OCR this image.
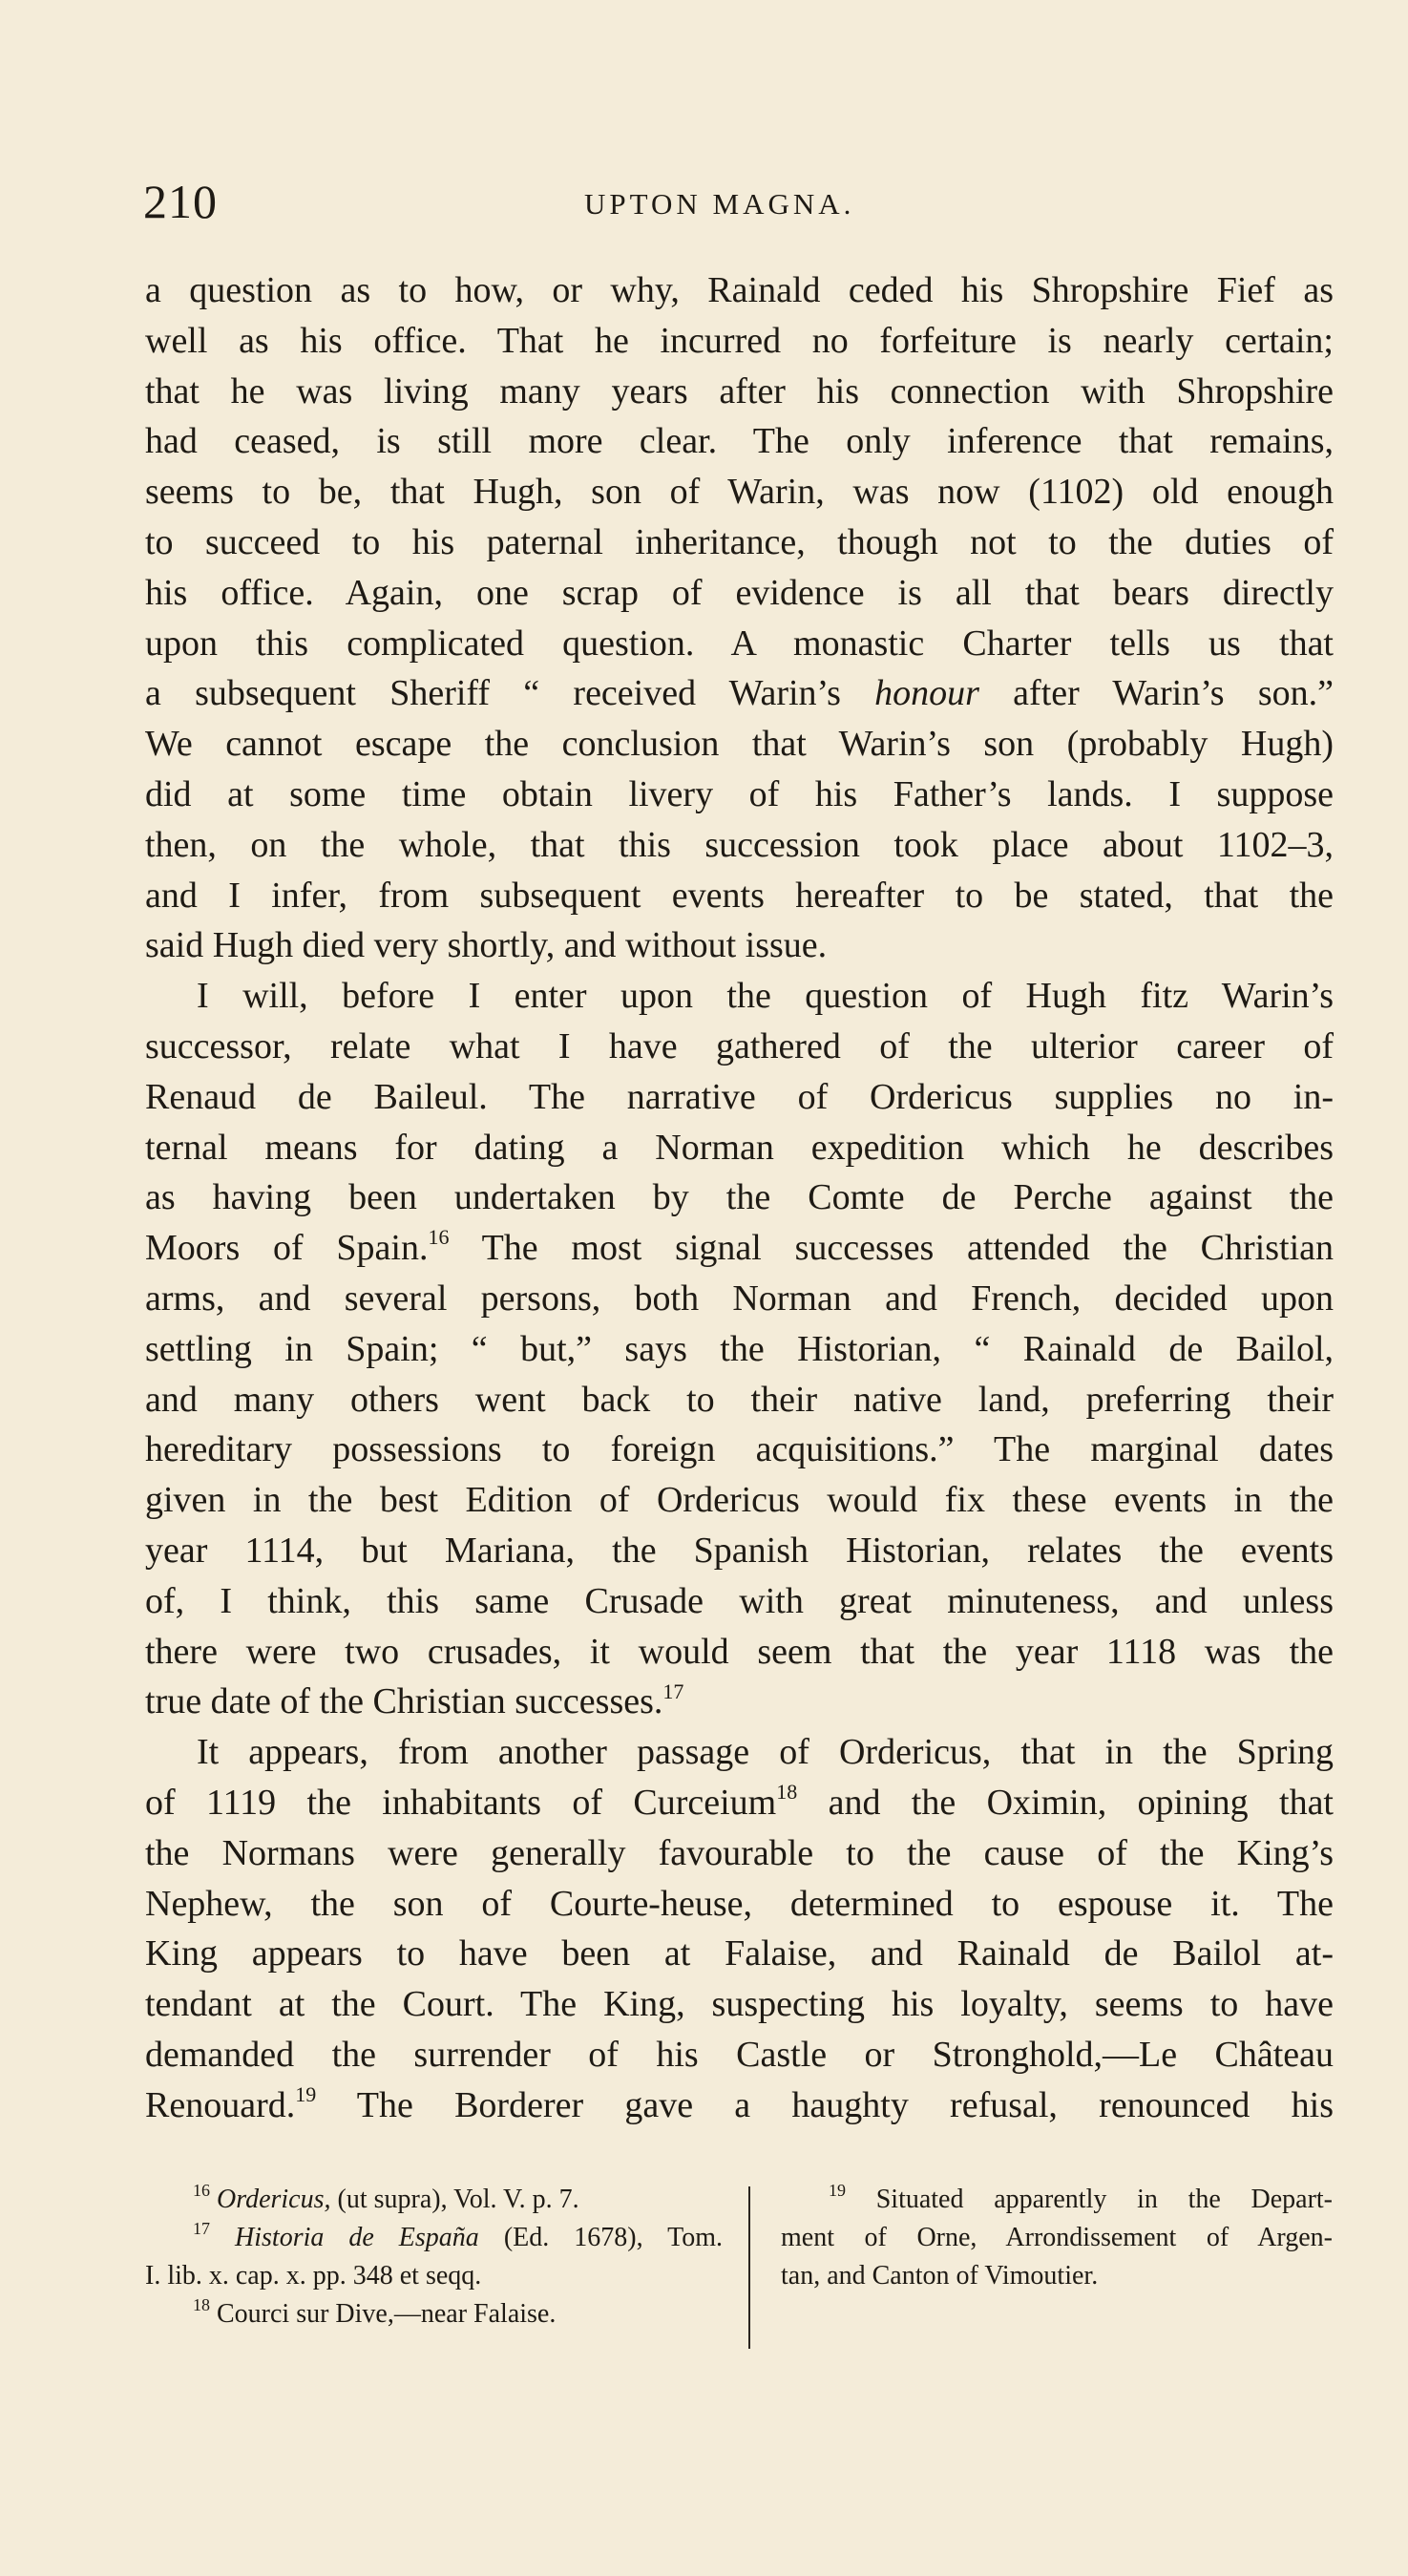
210	UPTON MAGNA.
a question as to how, or why, Rainald ceded his Shropshire Fief as
well as his office. That he incurred no forfeiture is nearly certain;
that he was living many years after his connection with Shropshire
had ceased, is still more clear. The only inference that remains,
seems to be, that Hugh, son of Warin, was now (1102) old enough
to succeed to his paternal inheritance, though not to the duties of
his office. Again, one scrap of evidence is all that bears directly
upon this complicated question. A monastic Charter tells us that
a subsequent Sheriff “ received Warin’s honour after Warin’s son.”
We cannot escape the conclusion that Warin’s son (probably Hugh)
did at some time obtain livery of his Father’s lands. I suppose
then, on the whole, that this succession took place about 1102–3,
and I infer, from subsequent events hereafter to be stated, that the
said Hugh died very shortly, and without issue.
I will, before I enter upon the question of Hugh fitz Warin’s
successor, relate what I have gathered of the ulterior career of
Renaud de Baileul. The narrative of Ordericus supplies no in-
ternal means for dating a Norman expedition which he describes
as having been undertaken by the Comte de Perche against the
Moors of Spain.$^{16}$ The most signal successes attended the Christian
arms, and several persons, both Norman and French, decided upon
settling in Spain; “ but,” says the Historian, “ Rainald de Bailol,
and many others went back to their native land, preferring their
hereditary possessions to foreign acquisitions.” The marginal dates
given in the best Edition of Ordericus would fix these events in the
year 1114, but Mariana, the Spanish Historian, relates the events
of, I think, this same Crusade with great minuteness, and unless
there were two crusades, it would seem that the year 1118 was the
true date of the Christian successes.$^{17}$
It appears, from another passage of Ordericus, that in the Spring
of 1119 the inhabitants of Curceium$^{18}$ and the Oximin, opining that
the Normans were generally favourable to the cause of the King’s
Nephew, the son of Courte-heuse, determined to espouse it. The
King appears to have been at Falaise, and Rainald de Bailol at-
tendant at the Court. The King, suspecting his loyalty, seems to have
demanded the surrender of his Castle or Stronghold,—Le Château
Renouard.$^{19}$ The Borderer gave a haughty refusal, renounced his
$^{16}$ Ordericus, (ut supra), Vol. V. p. 7.
$^{17}$ Historia de España (Ed. 1678), Tom.
I. lib. x. cap. x. pp. 348 et seqq.
$^{18}$ Courci sur Dive,—near Falaise.
$^{19}$ Situated apparently in the Depart-
ment of Orne, Arrondissement of Argen-
tan, and Canton of Vimoutier.
